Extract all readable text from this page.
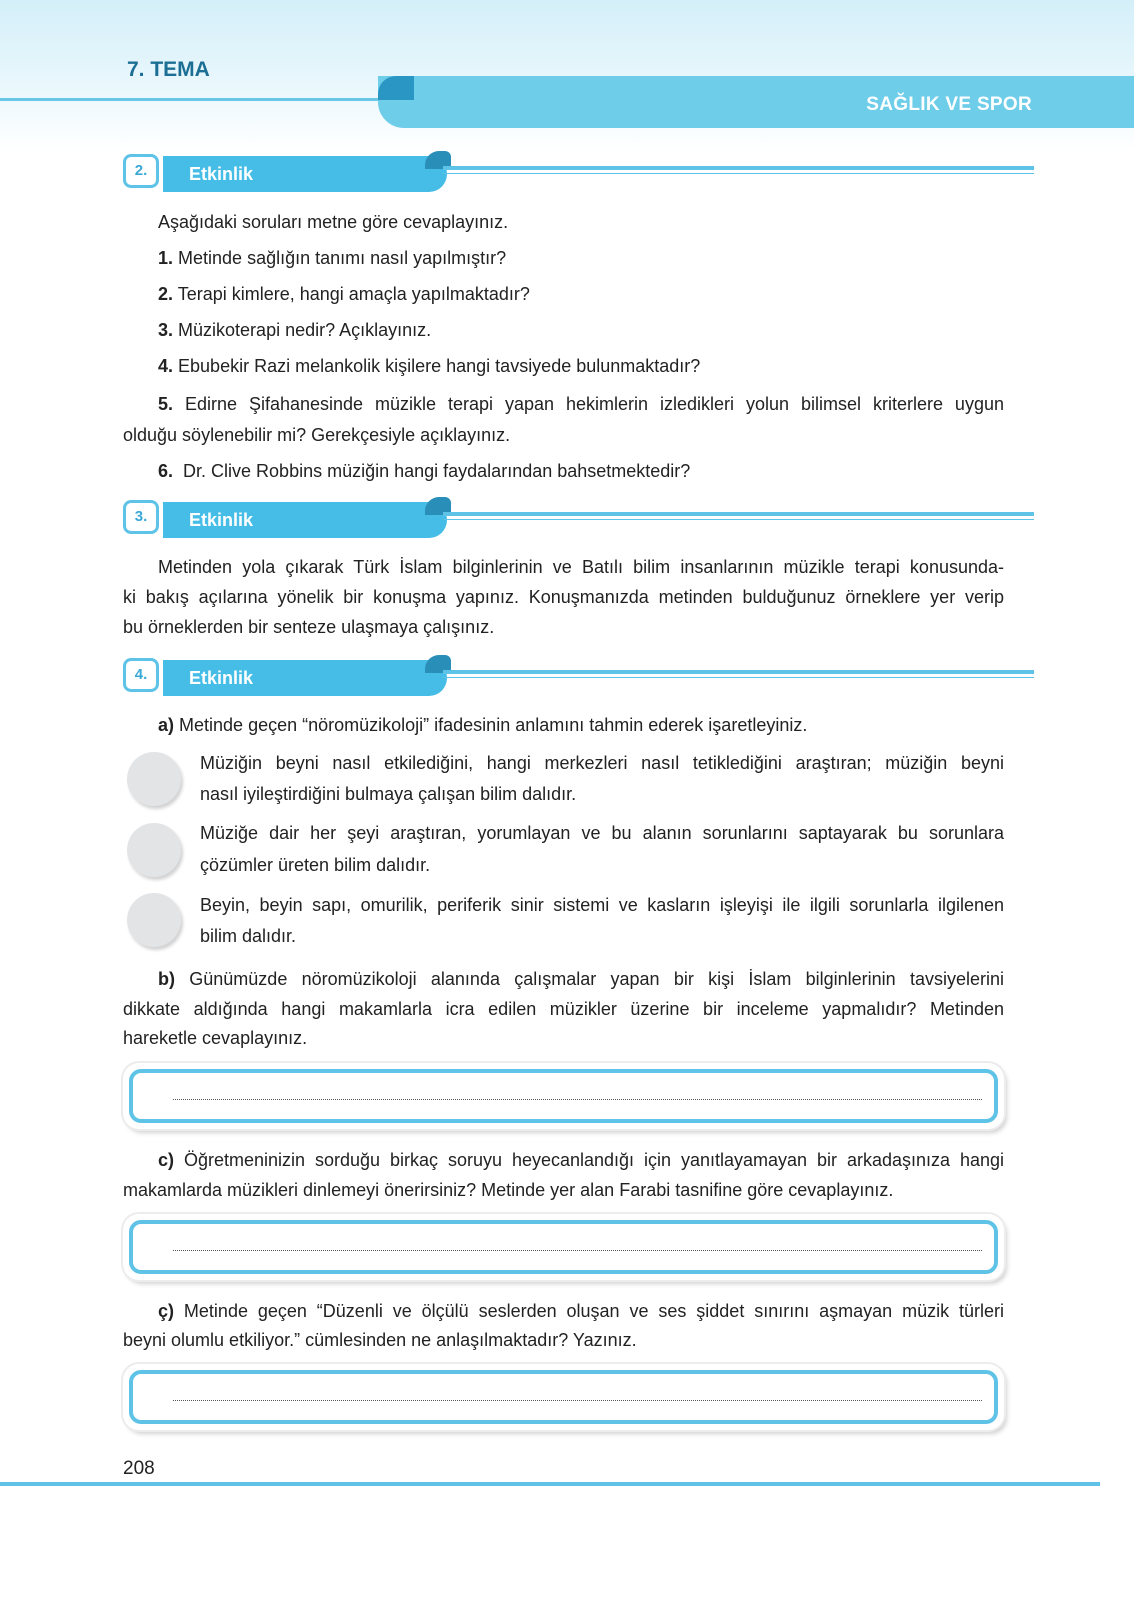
7. TEMA
SAĞLIK VE SPOR
2.	Etkinlik

Aşağıdaki soruları metne göre cevaplayınız.

1. Metinde sağlığın tanımı nasıl yapılmıştır?

2. Terapi kimlere, hangi amaçla yapılmaktadır?

3. Müzikoterapi nedir? Açıklayınız.

4. Ebubekir Razi melankolik kişilere hangi tavsiyede bulunmaktadır?

5. Edirne Şifahanesinde müzikle terapi yapan hekimlerin izledikleri yolun bilimsel kriterlere uygun

olduğu söylenebilir mi? Gerekçesiyle açıklayınız.

6. Dr. Clive Robbins müziğin hangi faydalarından bahsetmektedir?

3.	Etkinlik

Metinden yola çıkarak Türk İslam bilginlerinin ve Batılı bilim insanlarının müzikle terapi konusunda-

ki bakış açılarına yönelik bir konuşma yapınız. Konuşmanızda metinden bulduğunuz örneklere yer verip

bu örneklerden bir senteze ulaşmaya çalışınız.

4.	Etkinlik

a) Metinde geçen “nöromüzikoloji” ifadesinin anlamını tahmin ederek işaretleyiniz.

Müziğin beyni nasıl etkilediğini, hangi merkezleri nasıl tetiklediğini araştıran; müziğin beyni

nasıl iyileştirdiğini bulmaya çalışan bilim dalıdır.

Müziğe dair her şeyi araştıran, yorumlayan ve bu alanın sorunlarını saptayarak bu sorunlara

çözümler üreten bilim dalıdır.

Beyin, beyin sapı, omurilik, periferik sinir sistemi ve kasların işleyişi ile ilgili sorunlarla ilgilenen

bilim dalıdır.

b) Günümüzde nöromüzikoloji alanında çalışmalar yapan bir kişi İslam bilginlerinin tavsiyelerini

dikkate aldığında hangi makamlarla icra edilen müzikler üzerine bir inceleme yapmalıdır? Metinden

hareketle cevaplayınız.

c) Öğretmeninizin sorduğu birkaç soruyu heyecanlandığı için yanıtlayamayan bir arkadaşınıza hangi

makamlarda müzikleri dinlemeyi önerirsiniz? Metinde yer alan Farabi tasnifine göre cevaplayınız.

ç) Metinde geçen “Düzenli ve ölçülü seslerden oluşan ve ses şiddet sınırını aşmayan müzik türleri

beyni olumlu etkiliyor.” cümlesinden ne anlaşılmaktadır? Yazınız.

208
